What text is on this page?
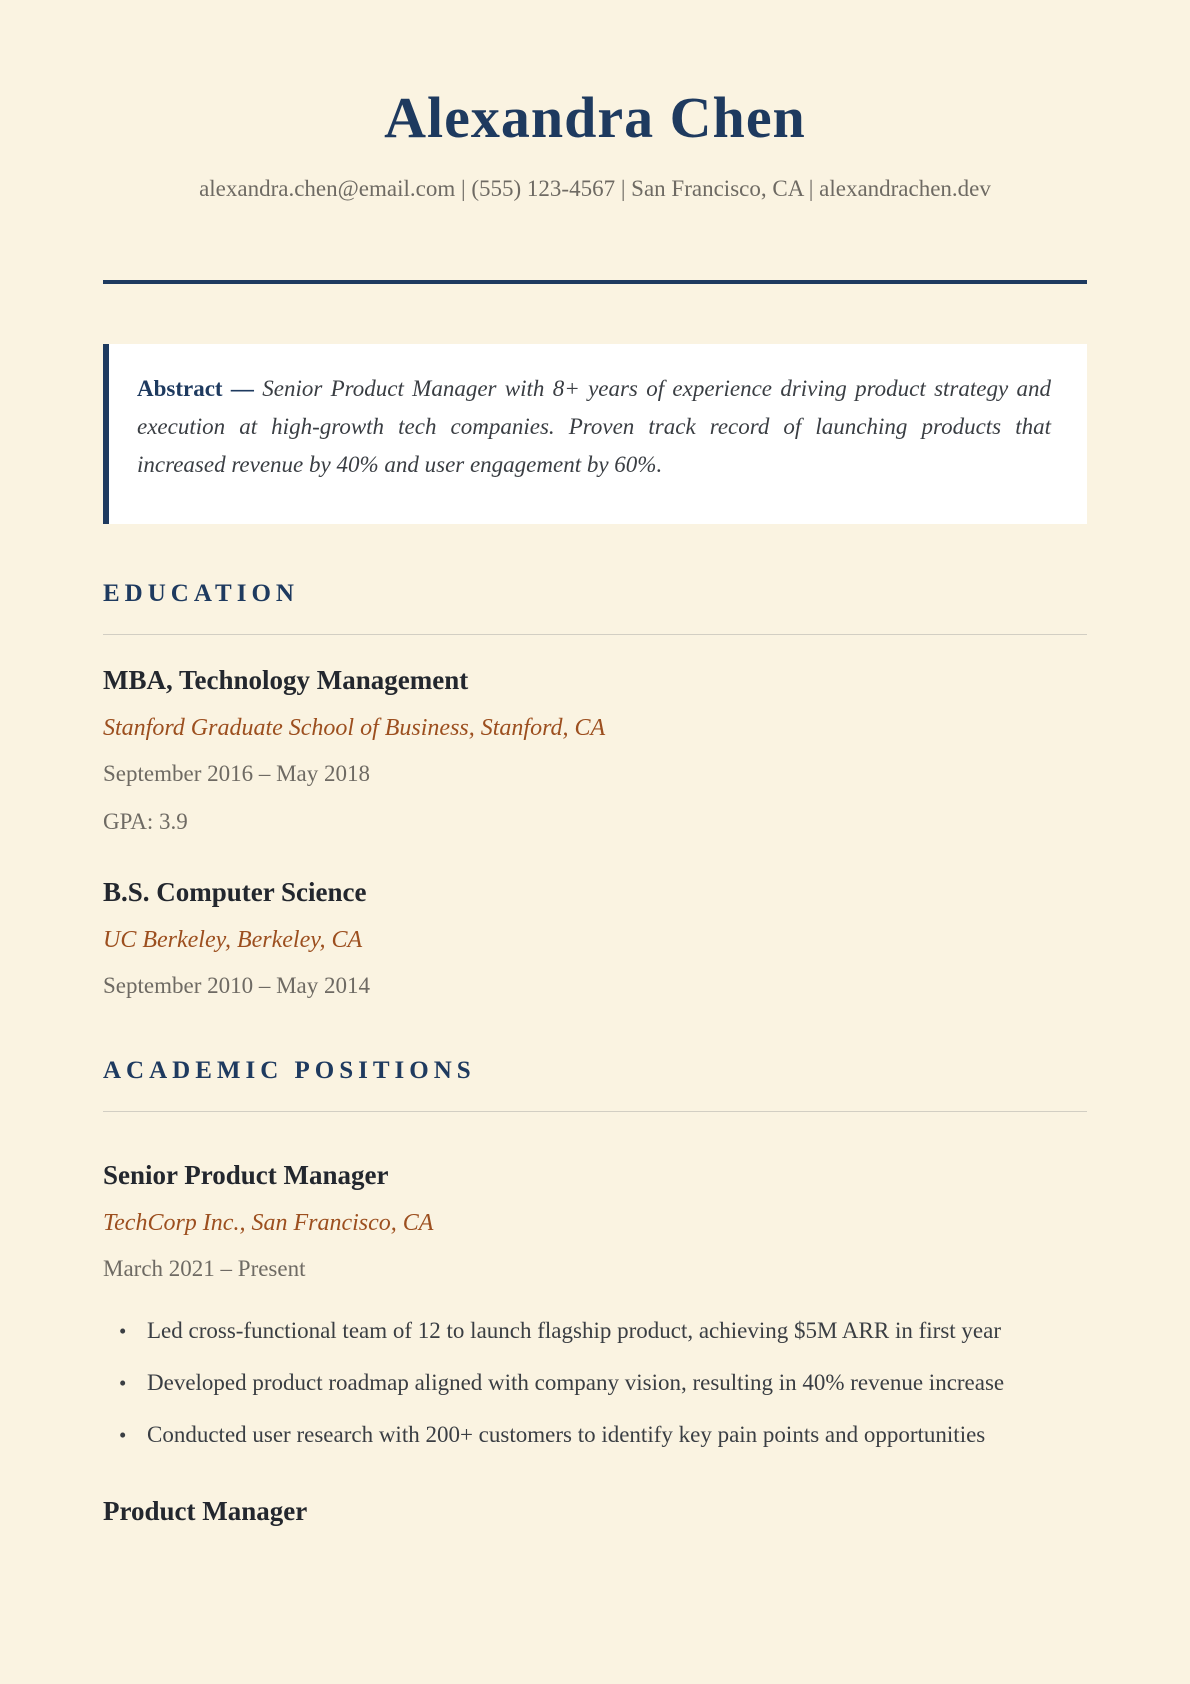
Alexandra Chen
alexandra.chen@email.com | (555) 123-4567 | San Francisco, CA | alexandrachen.dev

Abstract — Senior Product Manager with 8+ years of experience driving product strategy and execution at high-growth tech companies. Proven track record of launching products that increased revenue by 40% and user engagement by 60%.

EDUCATION
MBA, Technology Management
Stanford Graduate School of Business, Stanford, CA
September 2016 – May 2018
GPA: 3.9
B.S. Computer Science
UC Berkeley, Berkeley, CA
September 2010 – May 2014
ACADEMIC POSITIONS
Senior Product Manager
TechCorp Inc., San Francisco, CA
March 2021 – Present
• Led cross-functional team of 12 to launch flagship product, achieving $5M ARR in first year
• Developed product roadmap aligned with company vision, resulting in 40% revenue increase
• Conducted user research with 200+ customers to identify key pain points and opportunities
Product Manager
